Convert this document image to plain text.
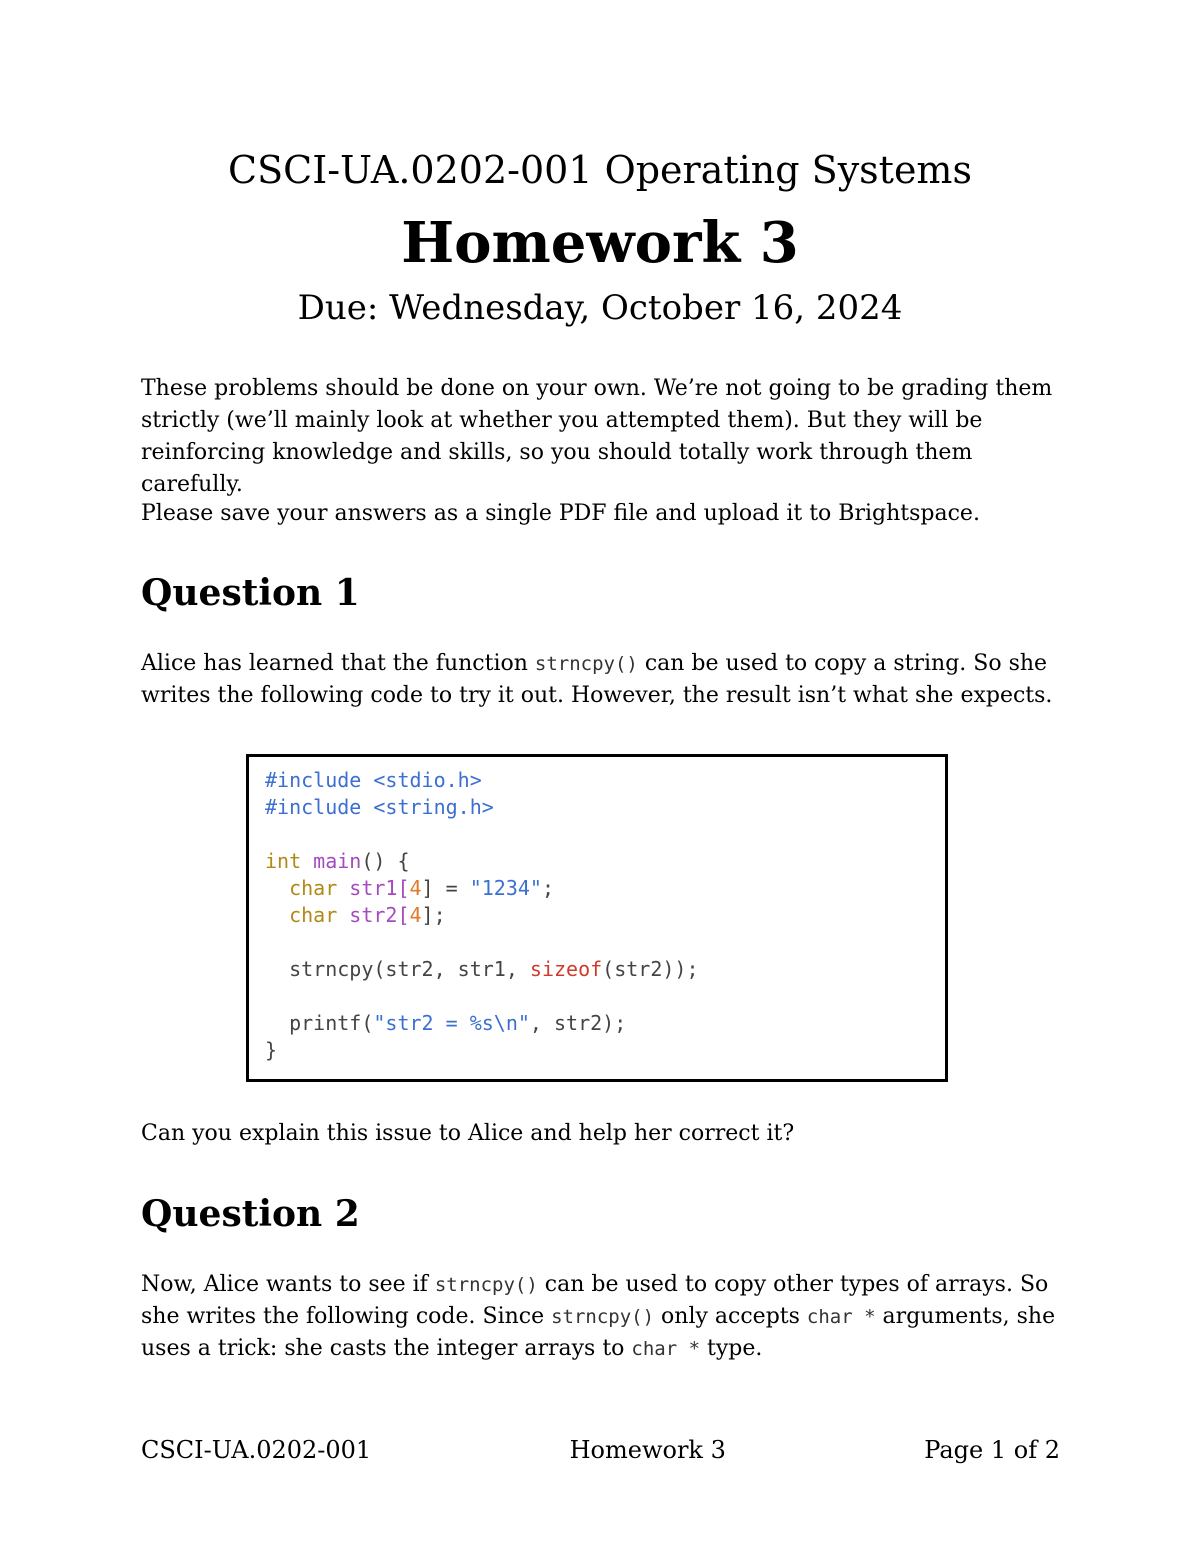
CSCI-UA.0202-001 Operating Systems
Homework 3

Due: Wednesday, October 16, 2024

These problems should be done on your own. We’re not going to be grading them strictly (we’ll mainly look at whether you attempted them). But they will be reinforcing knowledge and skills, so you should totally work through them carefully.

Please save your answers as a single PDF file and upload it to Brightspace.

Question 1

Alice has learned that the function strncpy() can be used to copy a string. So she writes the following code to try it out. However, the result isn’t what she expects.

#include <stdio.h>
#include <string.h>
int main() {
char str1[4] = "1234";
char str2[4];
strncpy(str2, str1, sizeof(str2));
printf("str2 = %s\n", str2);
}

Can you explain this issue to Alice and help her correct it?

Question 2

Now, Alice wants to see if strncpy() can be used to copy other types of arrays. So she writes the following code. Since strncpy() only accepts char * arguments, she uses a trick: she casts the integer arrays to char * type.

CSCI-UA.0202-001	Homework 3	Page 1 of 2
